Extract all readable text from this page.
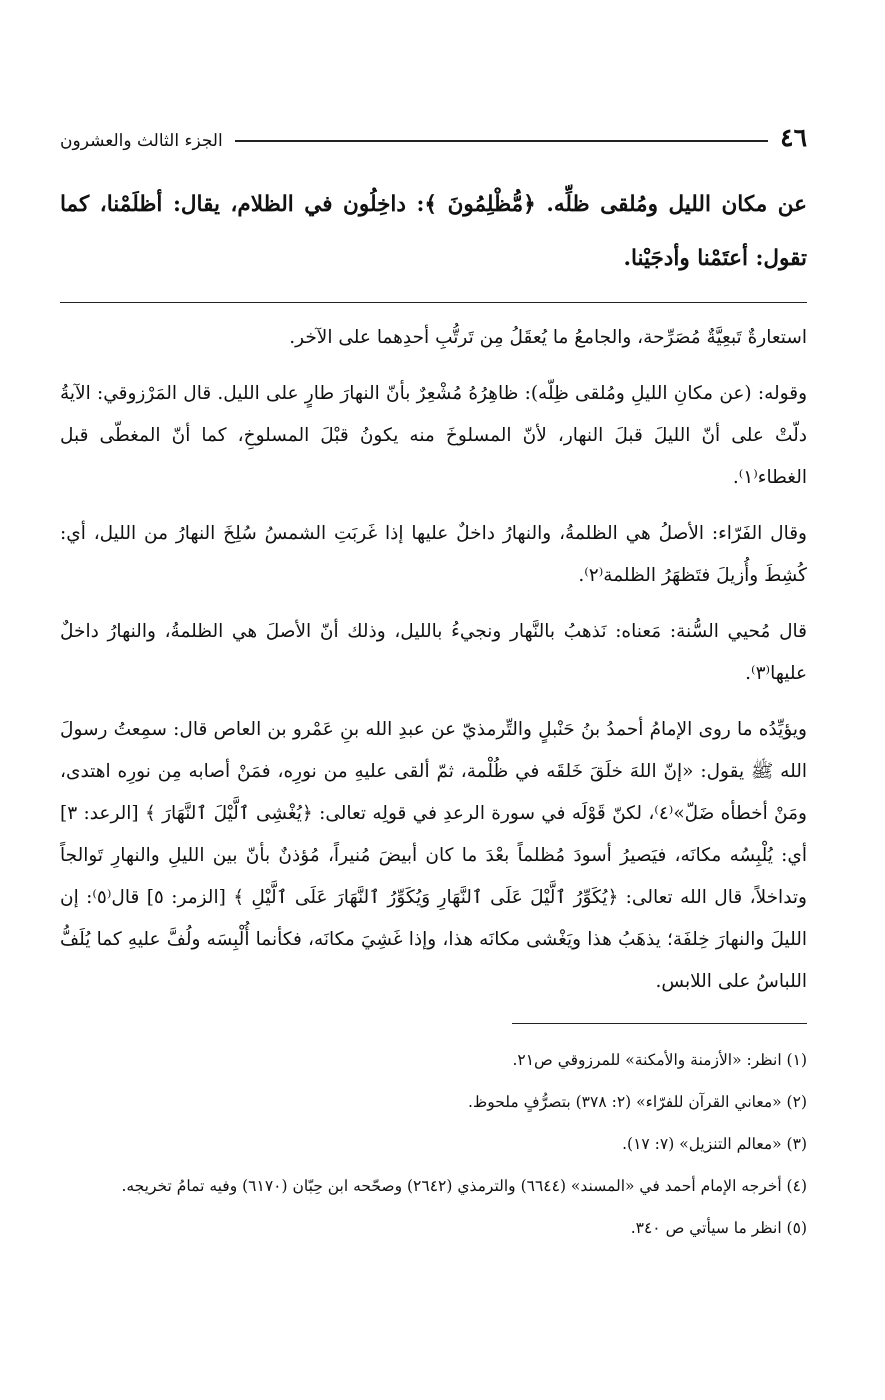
٤٦
الجزء الثالث والعشرون
عن مكان الليل ومُلقى ظلِّه. ﴿مُّظْلِمُونَ ﴾: داخِلُون في الظلام، يقال: أظلَمْنا، كما تقول: أعتَمْنا وأدجَيْنا.

استعارةٌ تَبعِيَّةٌ مُصَرِّحة، والجامعُ ما يُعقَلُ مِن تَرتُّبِ أحدِهما على الآخر.

وقوله: (عن مكانِ الليلِ ومُلقى ظِلّه): ظاهِرُهُ مُشْعِرٌ بأنّ النهارَ طارٍ على الليل. قال المَرْزوقي: الآيةُ دلّتْ على أنّ الليلَ قبلَ النهار، لأنّ المسلوخَ منه يكونُ قبْلَ المسلوخِ، كما أنّ المغطّى قبل الغطاء⁽١⁾.

وقال الفَرّاء: الأصلُ هي الظلمةُ، والنهارُ داخلٌ عليها إذا غَربَتِ الشمسُ سُلِخَ النهارُ من الليل، أي: كُشِطَ وأُزيلَ فتَظهَرُ الظلمة⁽٢⁾.

قال مُحيي السُّنة: مَعناه: نَذهبُ بالنَّهار ونجيءُ بالليل، وذلك أنّ الأصلَ هي الظلمةُ، والنهارُ داخلٌ عليها⁽٣⁾.

ويؤيِّدُه ما روى الإمامُ أحمدُ بنُ حَنْبلٍ والتِّرمذيّ عن عبدِ الله بنِ عَمْرو بن العاص قال: سمِعتُ رسولَ الله ﷺ يقول: «إنّ اللهَ خلَقَ خَلقَه في ظُلْمة، ثمّ ألقى عليهِ من نورِه، فمَنْ أصابه مِن نورِه اهتدى، ومَنْ أخطأه ضَلّ»⁽٤⁾، لكنّ قَوْلَه في سورة الرعدِ في قولِه تعالى: ﴿يُغْشِى ٱلَّيْلَ ٱلنَّهَارَ ﴾ [الرعد: ٣] أي: يُلْبِسُه مكانَه، فيَصيرُ أسودَ مُظلماً بعْدَ ما كان أبيضَ مُنيراً، مُؤذنٌ بأنّ بين الليلِ والنهارِ تَوالجاً وتداخلاً، قال الله تعالى: ﴿يُكَوِّرُ ٱلَّيْلَ عَلَى ٱلنَّهَارِ وَيُكَوِّرُ ٱلنَّهَارَ عَلَى ٱلَّيْلِ ﴾ [الزمر: ٥] قال⁽٥⁾: إن الليلَ والنهارَ خِلفَة؛ يذهَبُ هذا ويَغْشى مكانَه هذا، وإذا غَشِيَ مكانَه، فكأنما أُلْبِسَه ولُفَّ عليهِ كما يُلَفُّ اللباسُ على اللابس.

(١) انظر: «الأزمنة والأمكنة» للمرزوقي ص٢١.

(٢) «معاني القرآن للفرّاء» (٢: ٣٧٨) بتصرُّفٍ ملحوظ.

(٣) «معالم التنزيل» (٧: ١٧).

(٤) أخرجه الإمام أحمد في «المسند» (٦٦٤٤) والترمذي (٢٦٤٢) وصحّحه ابن حِبّان (٦١٧٠) وفيه تمامُ تخريجه.

(٥) انظر ما سيأتي ص ٣٤٠.
